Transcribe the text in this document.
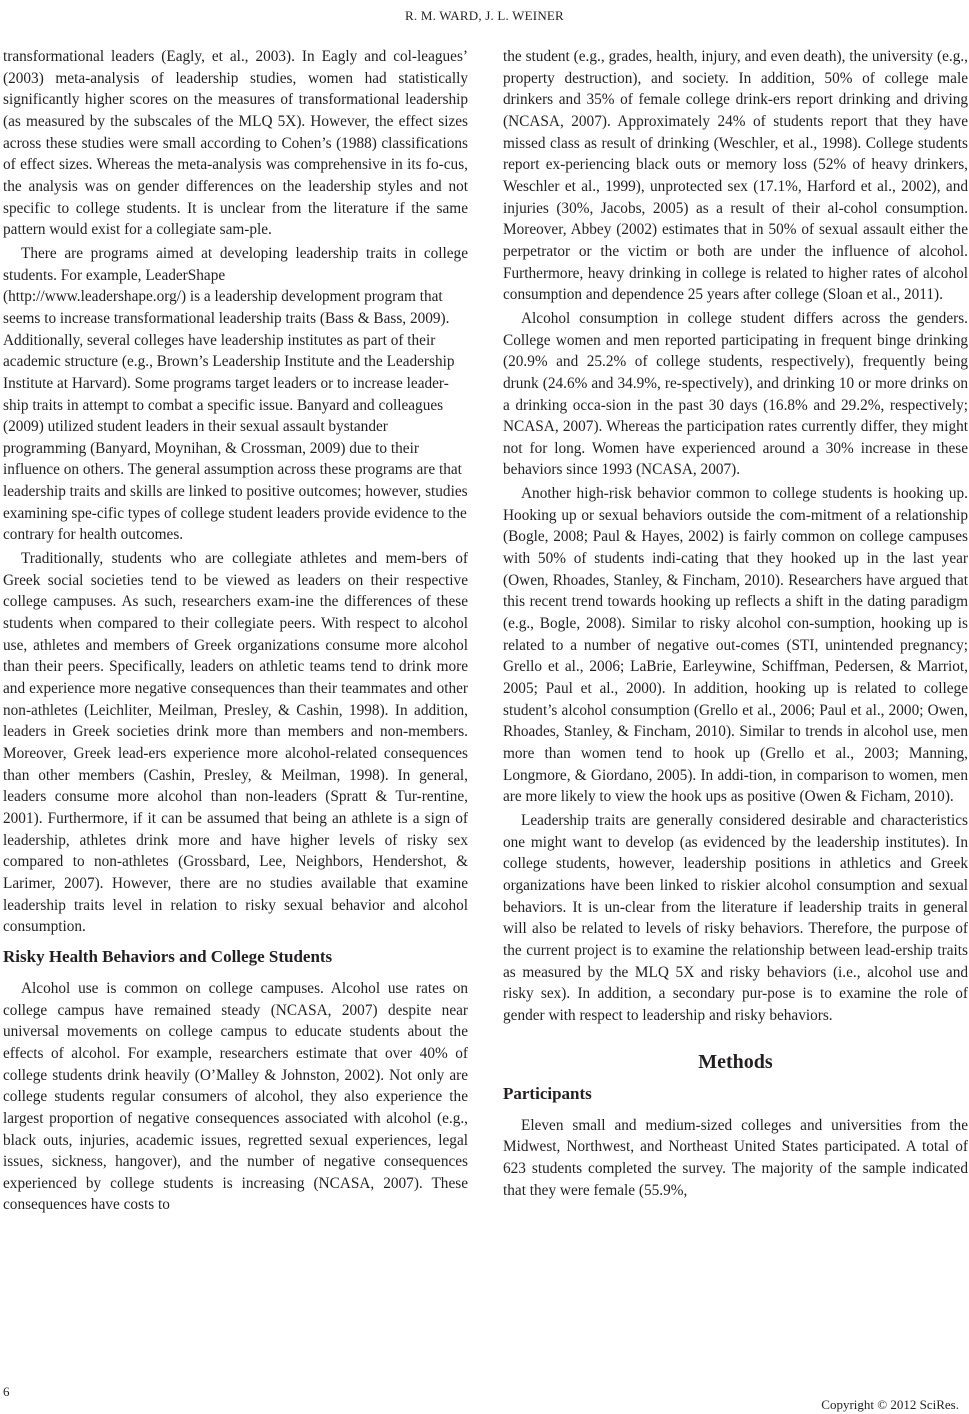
R. M. WARD, J. L. WEINER

transformational leaders (Eagly, et al., 2003). In Eagly and col-leagues’ (2003) meta-analysis of leadership studies, women had statistically significantly higher scores on the measures of transformational leadership (as measured by the subscales of the MLQ 5X). However, the effect sizes across these studies were small according to Cohen’s (1988) classifications of effect sizes. Whereas the meta-analysis was comprehensive in its fo-cus, the analysis was on gender differences on the leadership styles and not specific to college students. It is unclear from the literature if the same pattern would exist for a collegiate sam-ple.

There are programs aimed at developing leadership traits in college students. For example, LeaderShape

(http://www.leadershape.org/) is a leadership development program that seems to increase transformational leadership traits (Bass & Bass, 2009). Additionally, several colleges have leadership institutes as part of their academic structure (e.g., Brown’s Leadership Institute and the Leadership Institute at Harvard). Some programs target leaders or to increase leader-ship traits in attempt to combat a specific issue. Banyard and colleagues (2009) utilized student leaders in their sexual assault bystander programming (Banyard, Moynihan, & Crossman, 2009) due to their influence on others. The general assumption across these programs are that leadership traits and skills are linked to positive outcomes; however, studies examining spe-cific types of college student leaders provide evidence to the contrary for health outcomes.

Traditionally, students who are collegiate athletes and mem-bers of Greek social societies tend to be viewed as leaders on their respective college campuses. As such, researchers exam-ine the differences of these students when compared to their collegiate peers. With respect to alcohol use, athletes and members of Greek organizations consume more alcohol than their peers. Specifically, leaders on athletic teams tend to drink more and experience more negative consequences than their teammates and other non-athletes (Leichliter, Meilman, Presley, & Cashin, 1998). In addition, leaders in Greek societies drink more than members and non-members. Moreover, Greek lead-ers experience more alcohol-related consequences than other members (Cashin, Presley, & Meilman, 1998). In general, leaders consume more alcohol than non-leaders (Spratt & Tur-rentine, 2001). Furthermore, if it can be assumed that being an athlete is a sign of leadership, athletes drink more and have higher levels of risky sex compared to non-athletes (Grossbard, Lee, Neighbors, Hendershot, & Larimer, 2007). However, there are no studies available that examine leadership traits level in relation to risky sexual behavior and alcohol consumption.

Risky Health Behaviors and College Students

Alcohol use is common on college campuses. Alcohol use rates on college campus have remained steady (NCASA, 2007) despite near universal movements on college campus to educate students about the effects of alcohol. For example, researchers estimate that over 40% of college students drink heavily (O’Malley & Johnston, 2002). Not only are college students regular consumers of alcohol, they also experience the largest proportion of negative consequences associated with alcohol (e.g., black outs, injuries, academic issues, regretted sexual experiences, legal issues, sickness, hangover), and the number of negative consequences experienced by college students is increasing (NCASA, 2007). These consequences have costs to

the student (e.g., grades, health, injury, and even death), the university (e.g., property destruction), and society. In addition, 50% of college male drinkers and 35% of female college drink-ers report drinking and driving (NCASA, 2007). Approximately 24% of students report that they have missed class as result of drinking (Weschler, et al., 1998). College students report ex-periencing black outs or memory loss (52% of heavy drinkers, Weschler et al., 1999), unprotected sex (17.1%, Harford et al., 2002), and injuries (30%, Jacobs, 2005) as a result of their al-cohol consumption. Moreover, Abbey (2002) estimates that in 50% of sexual assault either the perpetrator or the victim or both are under the influence of alcohol. Furthermore, heavy drinking in college is related to higher rates of alcohol consumption and dependence 25 years after college (Sloan et al., 2011).

Alcohol consumption in college student differs across the genders. College women and men reported participating in frequent binge drinking (20.9% and 25.2% of college students, respectively), frequently being drunk (24.6% and 34.9%, re-spectively), and drinking 10 or more drinks on a drinking occa-sion in the past 30 days (16.8% and 29.2%, respectively; NCASA, 2007). Whereas the participation rates currently differ, they might not for long. Women have experienced around a 30% increase in these behaviors since 1993 (NCASA, 2007).

Another high-risk behavior common to college students is hooking up. Hooking up or sexual behaviors outside the com-mitment of a relationship (Bogle, 2008; Paul & Hayes, 2002) is fairly common on college campuses with 50% of students indi-cating that they hooked up in the last year (Owen, Rhoades, Stanley, & Fincham, 2010). Researchers have argued that this recent trend towards hooking up reflects a shift in the dating paradigm (e.g., Bogle, 2008). Similar to risky alcohol con-sumption, hooking up is related to a number of negative out-comes (STI, unintended pregnancy; Grello et al., 2006; LaBrie, Earleywine, Schiffman, Pedersen, & Marriot, 2005; Paul et al., 2000). In addition, hooking up is related to college student’s alcohol consumption (Grello et al., 2006; Paul et al., 2000; Owen, Rhoades, Stanley, & Fincham, 2010). Similar to trends in alcohol use, men more than women tend to hook up (Grello et al., 2003; Manning, Longmore, & Giordano, 2005). In addi-tion, in comparison to women, men are more likely to view the hook ups as positive (Owen & Ficham, 2010).

Leadership traits are generally considered desirable and characteristics one might want to develop (as evidenced by the leadership institutes). In college students, however, leadership positions in athletics and Greek organizations have been linked to riskier alcohol consumption and sexual behaviors. It is un-clear from the literature if leadership traits in general will also be related to levels of risky behaviors. Therefore, the purpose of the current project is to examine the relationship between lead-ership traits as measured by the MLQ 5X and risky behaviors (i.e., alcohol use and risky sex). In addition, a secondary pur-pose is to examine the role of gender with respect to leadership and risky behaviors.

Methods
Participants

Eleven small and medium-sized colleges and universities from the Midwest, Northwest, and Northeast United States participated. A total of 623 students completed the survey. The majority of the sample indicated that they were female (55.9%,

6
Copyright © 2012 SciRes.
